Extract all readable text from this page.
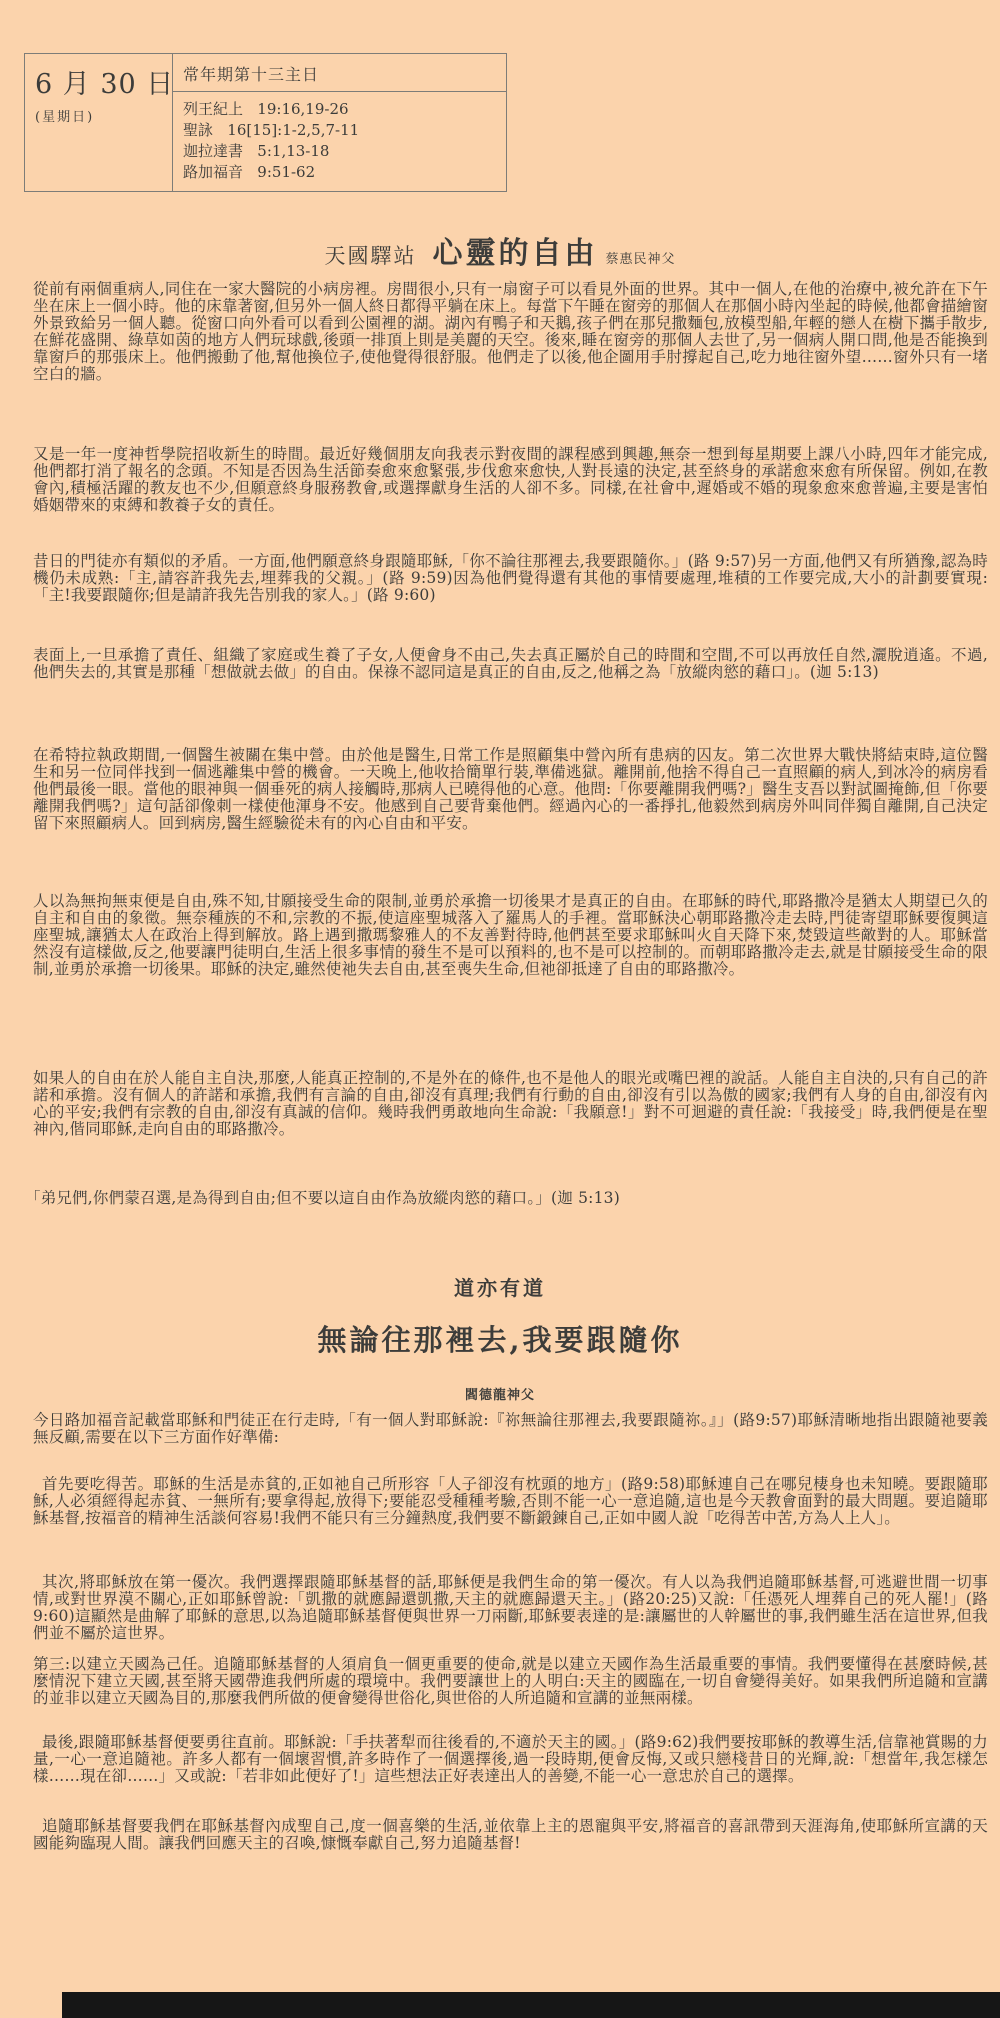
6 月 30 日
(星期日)
常年期第十三主日
列王紀上   19:16,19-26
聖詠   16[15]:1-2,5,7-11
迦拉達書   5:1,13-18
路加福音   9:51-62
天國驛站 心靈的自由 蔡惠民神父

從前有兩個重病人,同住在一家大醫院的小病房裡。房間很小,只有一扇窗子可以看見外面的世界。其中一個人,在他的治療中,被允許在下午坐在床上一個小時。他的床靠著窗,但另外一個人終日都得平躺在床上。每當下午睡在窗旁的那個人在那個小時內坐起的時候,他都會描繪窗外景致給另一個人聽。從窗口向外看可以看到公園裡的湖。湖內有鴨子和天鵝,孩子們在那兒撒麵包,放模型船,年輕的戀人在樹下攜手散步,在鮮花盛開、綠草如茵的地方人們玩球戲,後頭一排頂上則是美麗的天空。後來,睡在窗旁的那個人去世了,另一個病人開口問,他是否能換到靠窗戶的那張床上。他們搬動了他,幫他換位子,使他覺得很舒服。他們走了以後,他企圖用手肘撐起自己,吃力地往窗外望……窗外只有一堵空白的牆。

又是一年一度神哲學院招收新生的時間。最近好幾個朋友向我表示對夜間的課程感到興趣,無奈一想到每星期要上課八小時,四年才能完成,他們都打消了報名的念頭。不知是否因為生活節奏愈來愈緊張,步伐愈來愈快,人對長遠的決定,甚至終身的承諾愈來愈有所保留。例如,在教會內,積極活躍的教友也不少,但願意終身服務教會,或選擇獻身生活的人卻不多。同樣,在社會中,遲婚或不婚的現象愈來愈普遍,主要是害怕婚姻帶來的束縛和教養子女的責任。

昔日的門徒亦有類似的矛盾。一方面,他們願意終身跟隨耶穌,「你不論往那裡去,我要跟隨你。」(路 9:57)另一方面,他們又有所猶豫,認為時機仍未成熟:「主,請容許我先去,埋葬我的父親。」(路 9:59)因為他們覺得還有其他的事情要處理,堆積的工作要完成,大小的計劃要實現:「主!我要跟隨你;但是請許我先告別我的家人。」(路 9:60)

表面上,一旦承擔了責任、組織了家庭或生養了子女,人便會身不由己,失去真正屬於自己的時間和空間,不可以再放任自然,灑脫逍遙。不過,他們失去的,其實是那種「想做就去做」的自由。保祿不認同這是真正的自由,反之,他稱之為「放縱肉慾的藉口」。(迦 5:13)

在希特拉執政期間,一個醫生被關在集中營。由於他是醫生,日常工作是照顧集中營內所有患病的囚友。第二次世界大戰快將結束時,這位醫生和另一位同伴找到一個逃離集中營的機會。一天晚上,他收拾簡單行裝,準備逃獄。離開前,他捨不得自己一直照顧的病人,到冰冷的病房看他們最後一眼。當他的眼神與一個垂死的病人接觸時,那病人已曉得他的心意。他問:「你要離開我們嗎?」醫生支吾以對試圖掩飾,但「你要離開我們嗎?」這句話卻像刺一樣使他渾身不安。他感到自己要背棄他們。經過內心的一番掙扎,他毅然到病房外叫同伴獨自離開,自己決定留下來照顧病人。回到病房,醫生經驗從未有的內心自由和平安。

人以為無拘無束便是自由,殊不知,甘願接受生命的限制,並勇於承擔一切後果才是真正的自由。在耶穌的時代,耶路撒冷是猶太人期望已久的自主和自由的象徵。無奈種族的不和,宗教的不振,使這座聖城落入了羅馬人的手裡。當耶穌決心朝耶路撒冷走去時,門徒寄望耶穌要復興這座聖城,讓猶太人在政治上得到解放。路上遇到撒瑪黎雅人的不友善對待時,他們甚至要求耶穌叫火自天降下來,焚毀這些敵對的人。耶穌當然沒有這樣做,反之,他要讓門徒明白,生活上很多事情的發生不是可以預料的,也不是可以控制的。而朝耶路撒冷走去,就是甘願接受生命的限制,並勇於承擔一切後果。耶穌的決定,雖然使祂失去自由,甚至喪失生命,但祂卻抵達了自由的耶路撒冷。

如果人的自由在於人能自主自決,那麼,人能真正控制的,不是外在的條件,也不是他人的眼光或嘴巴裡的說話。人能自主自決的,只有自己的許諾和承擔。沒有個人的許諾和承擔,我們有言論的自由,卻沒有真理;我們有行動的自由,卻沒有引以為傲的國家;我們有人身的自由,卻沒有內心的平安;我們有宗教的自由,卻沒有真誠的信仰。幾時我們勇敢地向生命說:「我願意!」對不可迴避的責任說:「我接受」時,我們便是在聖神內,偕同耶穌,走向自由的耶路撒冷。

「弟兄們,你們蒙召選,是為得到自由;但不要以這自由作為放縱肉慾的藉口。」(迦 5:13)

道亦有道
無論往那裡去,我要跟隨你
閻德龍神父

今日路加福音記載當耶穌和門徒正在行走時,「有一個人對耶穌說:『祢無論往那裡去,我要跟隨祢。』」(路9:57)耶穌清晰地指出跟隨祂要義無反顧,需要在以下三方面作好準備:

首先要吃得苦。耶穌的生活是赤貧的,正如祂自己所形容「人子卻沒有枕頭的地方」(路9:58)耶穌連自己在哪兒棲身也未知曉。要跟隨耶穌,人必須經得起赤貧、一無所有;要拿得起,放得下;要能忍受種種考驗,否則不能一心一意追隨,這也是今天教會面對的最大問題。要追隨耶穌基督,按福音的精神生活談何容易!我們不能只有三分鐘熱度,我們要不斷鍛鍊自己,正如中國人說「吃得苦中苦,方為人上人」。

其次,將耶穌放在第一優次。我們選擇跟隨耶穌基督的話,耶穌便是我們生命的第一優次。有人以為我們追隨耶穌基督,可逃避世間一切事情,或對世界漠不關心,正如耶穌曾說:「凱撒的就應歸還凱撒,天主的就應歸還天主。」(路20:25)又說:「任憑死人埋葬自己的死人罷!」(路9:60)這顯然是曲解了耶穌的意思,以為追隨耶穌基督便與世界一刀兩斷,耶穌要表達的是:讓屬世的人幹屬世的事,我們雖生活在這世界,但我們並不屬於這世界。

第三:以建立天國為己任。追隨耶穌基督的人須肩負一個更重要的使命,就是以建立天國作為生活最重要的事情。我們要懂得在甚麼時候,甚麼情況下建立天國,甚至將天國帶進我們所處的環境中。我們要讓世上的人明白:天主的國臨在,一切自會變得美好。如果我們所追隨和宣講的並非以建立天國為目的,那麼我們所做的便會變得世俗化,與世俗的人所追隨和宣講的並無兩樣。

最後,跟隨耶穌基督便要勇往直前。耶穌說:「手扶著犁而往後看的,不適於天主的國。」(路9:62)我們要按耶穌的教導生活,信靠祂賞賜的力量,一心一意追隨祂。許多人都有一個壞習慣,許多時作了一個選擇後,過一段時期,便會反悔,又或只戀棧昔日的光輝,說:「想當年,我怎樣怎樣……現在卻……」又或說:「若非如此便好了!」這些想法正好表達出人的善變,不能一心一意忠於自己的選擇。

追隨耶穌基督要我們在耶穌基督內成聖自己,度一個喜樂的生活,並依靠上主的恩寵與平安,將福音的喜訊帶到天涯海角,使耶穌所宣講的天國能夠臨現人間。讓我們回應天主的召喚,慷慨奉獻自己,努力追隨基督!
